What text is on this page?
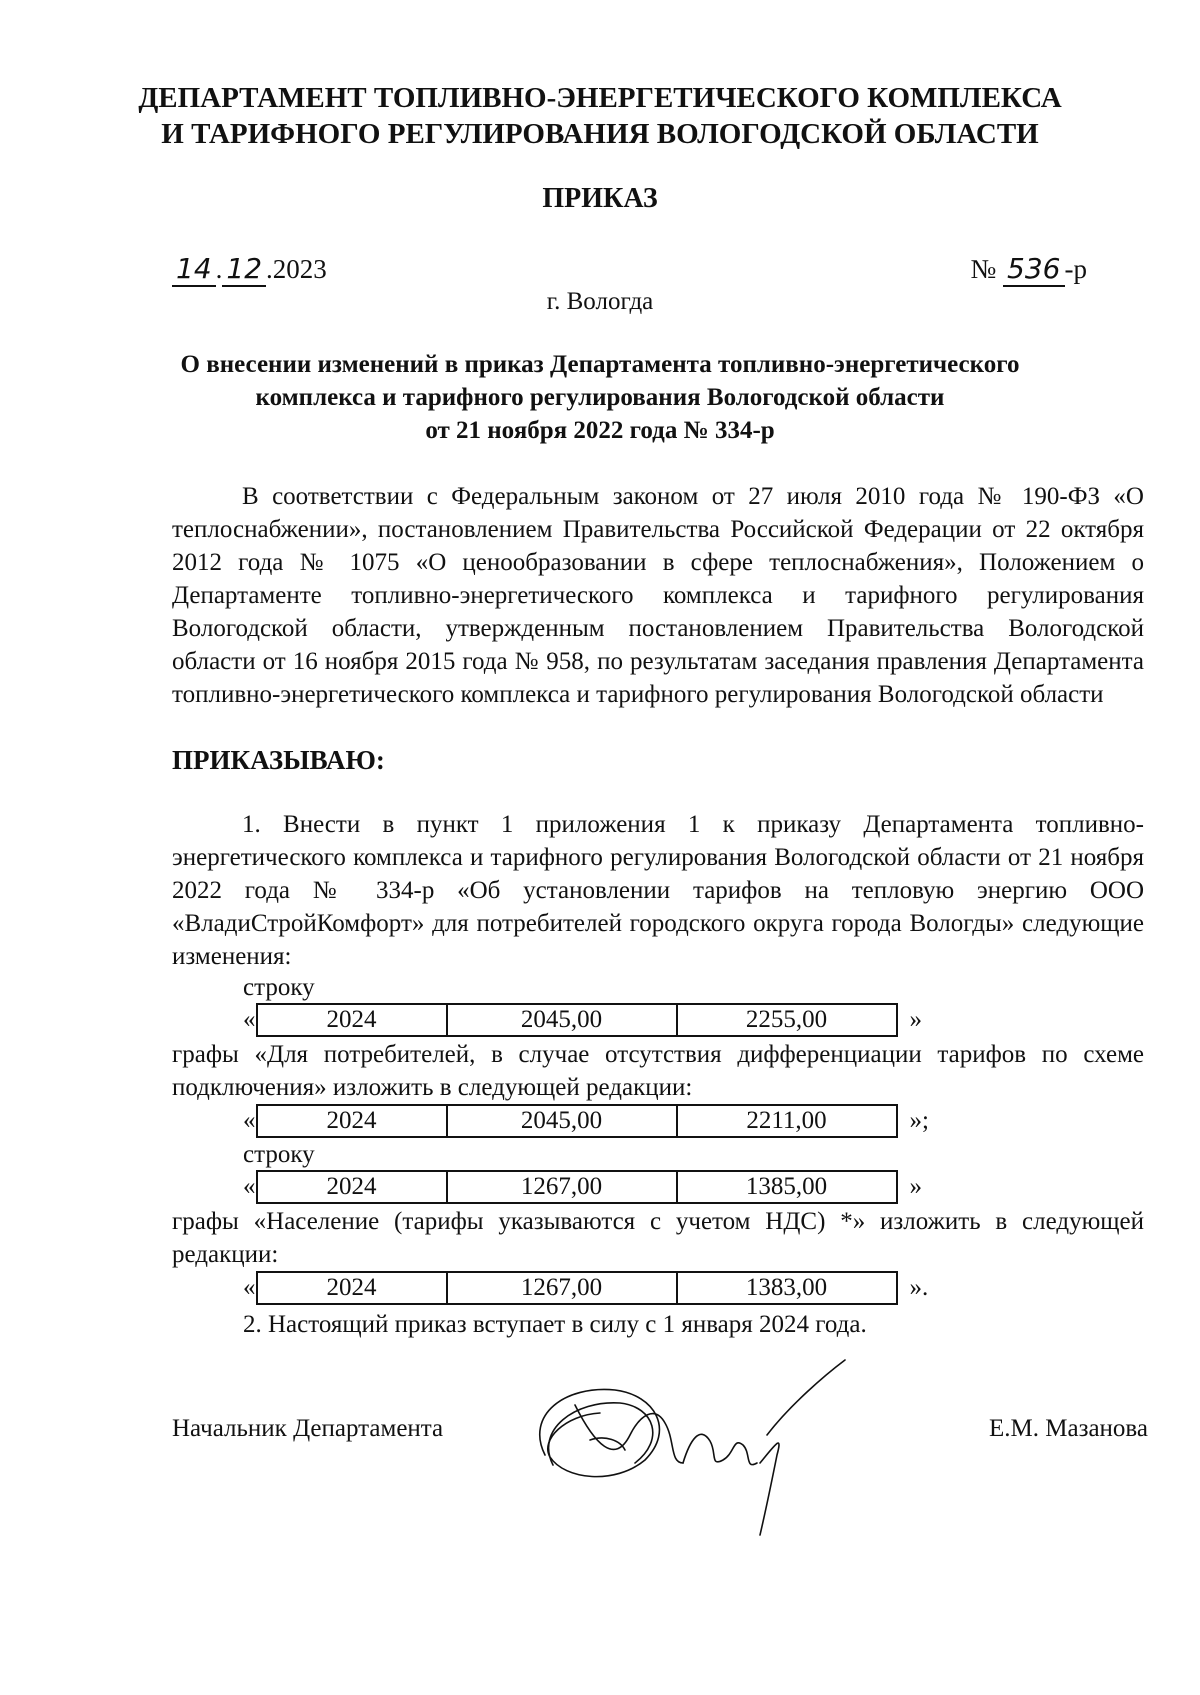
ДЕПАРТАМЕНТ ТОПЛИВНО-ЭНЕРГЕТИЧЕСКОГО КОМПЛЕКСА
И ТАРИФНОГО РЕГУЛИРОВАНИЯ ВОЛОГОДСКОЙ ОБЛАСТИ
ПРИКАЗ
14 . 12 .2023	№ 536 -р
г. Вологда
О внесении изменений в приказ Департамента топливно-энергетического
комплекса и тарифного регулирования Вологодской области
от 21 ноября 2022 года № 334-р
В соответствии с Федеральным законом от 27 июля 2010 года № 190-ФЗ «О теплоснабжении», постановлением Правительства Российской Федерации от 22 октября 2012 года № 1075 «О ценообразовании в сфере теплоснабжения», Положением о Департаменте топливно-энергетического комплекса и тарифного регулирования Вологодской области, утвержденным постановлением Правительства Вологодской области от 16 ноября 2015 года № 958, по результатам заседания правления Департамента топливно-энергетического комплекса и тарифного регулирования Вологодской области
ПРИКАЗЫВАЮ:
1. Внести в пункт 1 приложения 1 к приказу Департамента топливно-энергетического комплекса и тарифного регулирования Вологодской области от 21 ноября 2022 года № 334-р «Об установлении тарифов на тепловую энергию ООО «ВладиСтройКомфорт» для потребителей городского округа города Вологды» следующие изменения:
строку
«	2024	2045,00	2255,00	»
графы «Для потребителей, в случае отсутствия дифференциации тарифов по схеме подключения» изложить в следующей редакции:
«	2024	2045,00	2211,00	»;
строку
«	2024	1267,00	1385,00	»
графы «Население (тарифы указываются с учетом НДС) *» изложить в следующей редакции:
«	2024	1267,00	1383,00	».
2. Настоящий приказ вступает в силу с 1 января 2024 года.
Начальник Департамента	Е.М. Мазанова
